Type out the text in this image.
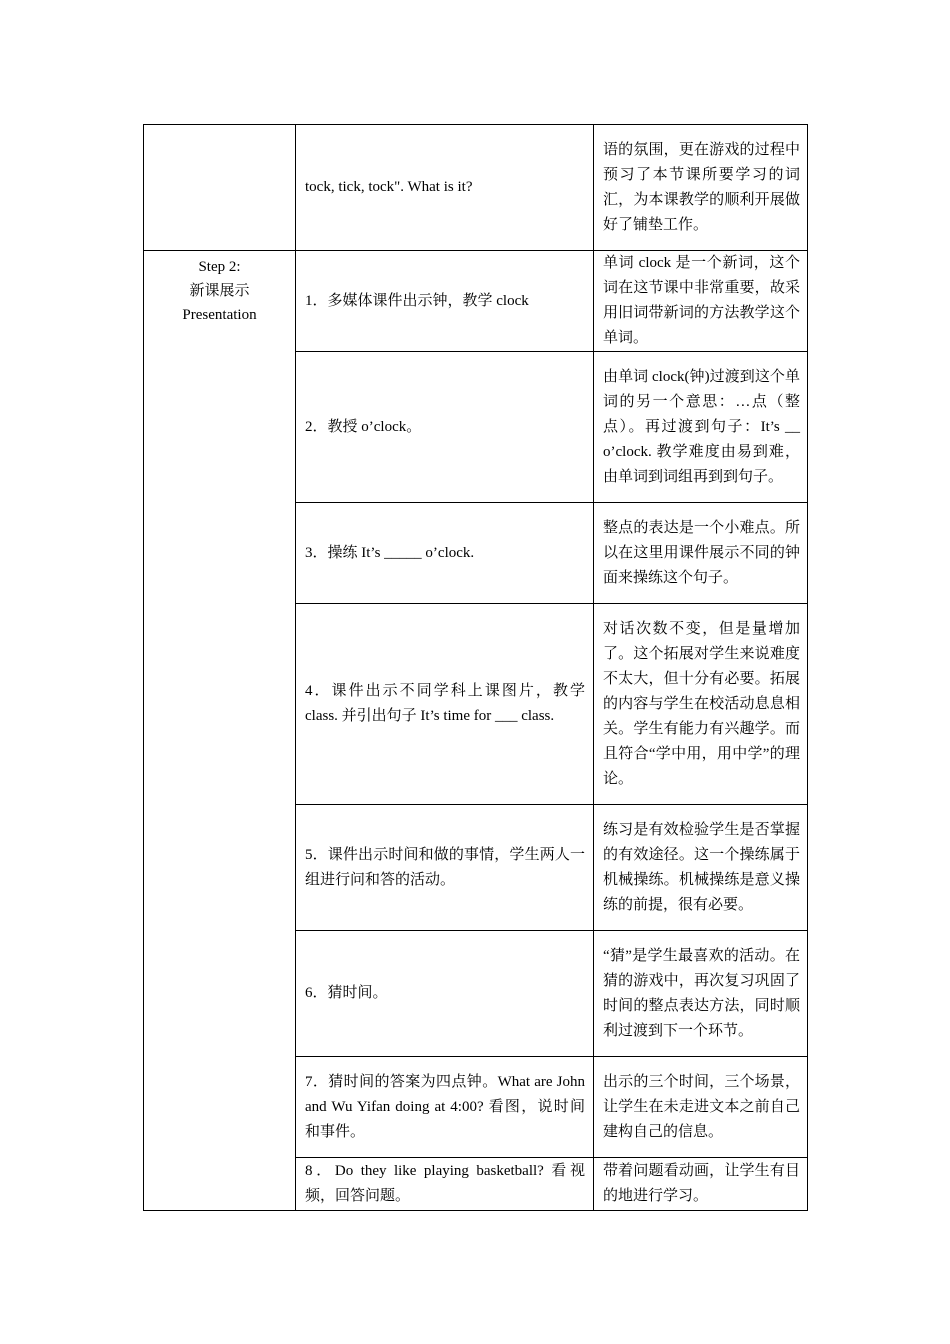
	tock, tick, tock". What is it?	语的氛围，更在游戏的过程中预习了本节课所要学习的词汇，为本课教学的顺利开展做好了铺垫工作。

Step 2:
新课展示
Presentation	1．多媒体课件出示钟，教学 clock	单词 clock 是一个新词，这个词在这节课中非常重要，故采用旧词带新词的方法教学这个单词。

	2．教授 o’clock。	由单词 clock(钟)过渡到这个单词的另一个意思：…点（整点）。再过渡到句子：It’s __ o’clock. 教学难度由易到难，由单词到词组再到到句子。

	3．操练 It’s _____ o’clock.	整点的表达是一个小难点。所以在这里用课件展示不同的钟面来操练这个句子。

	4．课件出示不同学科上课图片，教学 class. 并引出句子 It’s time for ___ class.	对话次数不变，但是量增加了。这个拓展对学生来说难度不太大，但十分有必要。拓展的内容与学生在校活动息息相关。学生有能力有兴趣学。而且符合“学中用，用中学”的理论。

	5．课件出示时间和做的事情，学生两人一组进行问和答的活动。	练习是有效检验学生是否掌握的有效途径。这一个操练属于机械操练。机械操练是意义操练的前提，很有必要。

	6．猜时间。	“猜”是学生最喜欢的活动。在猜的游戏中，再次复习巩固了时间的整点表达方法，同时顺利过渡到下一个环节。

	7．猜时间的答案为四点钟。What are John and Wu Yifan doing at 4:00? 看图，说时间和事件。	出示的三个时间，三个场景，让学生在未走进文本之前自己建构自己的信息。

	8．Do they like playing basketball? 看视频，回答问题。	带着问题看动画，让学生有目的地进行学习。
